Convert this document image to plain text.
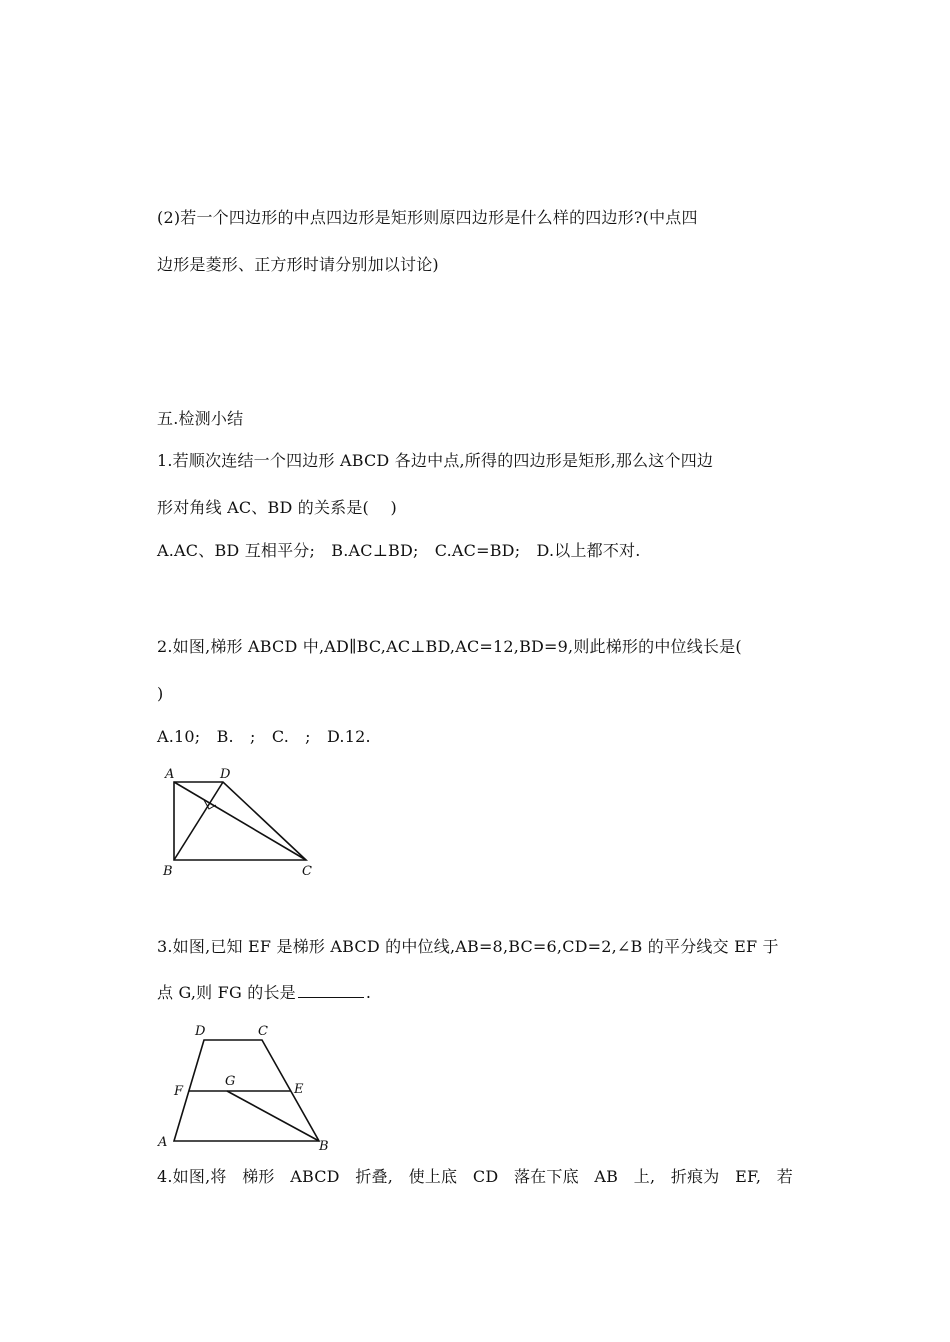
(2)若一个四边形的中点四边形是矩形则原四边形是什么样的四边形?(中点四
边形是菱形、正方形时请分别加以讨论)
五.检测小结
1.若顺次连结一个四边形 ABCD 各边中点,所得的四边形是矩形,那么这个四边
形对角线 AC、BD 的关系是(　 )
A.AC、BD 互相平分;　B.AC⊥BD;　C.AC=BD;　D.以上都不对.
2.如图,梯形 ABCD 中,AD∥BC,AC⊥BD,AC=12,BD=9,则此梯形的中位线长是(
)
A.10;　B.　;　C.　;　D.12.
A	D
B	C
3.如图,已知 EF 是梯形 ABCD 的中位线,AB=8,BC=6,CD=2,∠B 的平分线交 EF 于
点 G,则 FG 的长是	.
D	C
F
G
E
A	B
4.如图,将 梯形 ABCD 折叠, 使上底 CD 落在下底 AB 上, 折痕为 EF, 若
